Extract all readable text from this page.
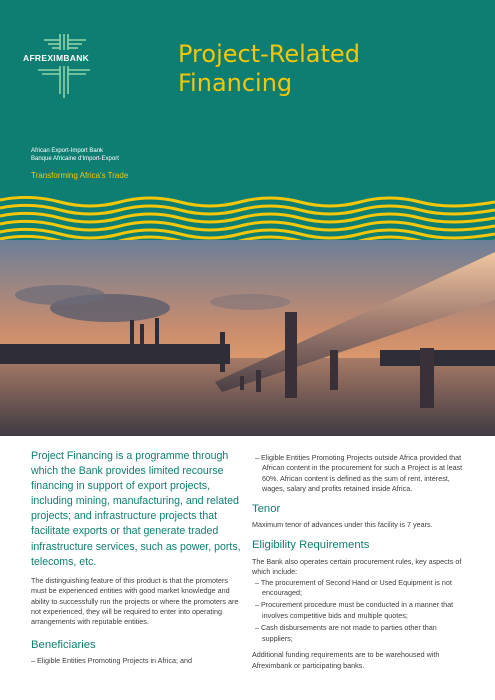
AFREXIMBANK	Project-Related
Financing
African Export-Import Bank
Banque Africaine d'Import-Export
Transforming Africa's Trade

Project Financing is a programme through which the Bank provides limited recourse financing in support of export projects, including mining, manufacturing, and related projects; and infrastructure projects that facilitate exports or that generate traded infrastructure services, such as power, ports, telecoms, etc.

The distinguishing feature of this product is that the promoters must be experienced entities with good market knowledge and ability to successfully run the projects or where the promoters are not experienced, they will be required to enter into operating arrangements with reputable entities.

Beneficiaries

– Eligible Entities Promoting Projects in Africa; and

– Eligible Entities Promoting Projects outside Africa provided that African content in the procurement for such a Project is at least 60%. African content is defined as the sum of rent, interest, wages, salary and profits retained inside Africa.

Tenor

Maximum tenor of advances under this facility is 7 years.

Eligibility Requirements

The Bank also operates certain procurement rules, key aspects of which include:

– The procurement of Second Hand or Used Equipment is not encouraged;

– Procurement procedure must be conducted in a manner that involves competitive bids and multiple quotes;

– Cash disbursements are not made to parties other than suppliers;

Additional funding requirements are to be warehoused with Afreximbank or participating banks.
